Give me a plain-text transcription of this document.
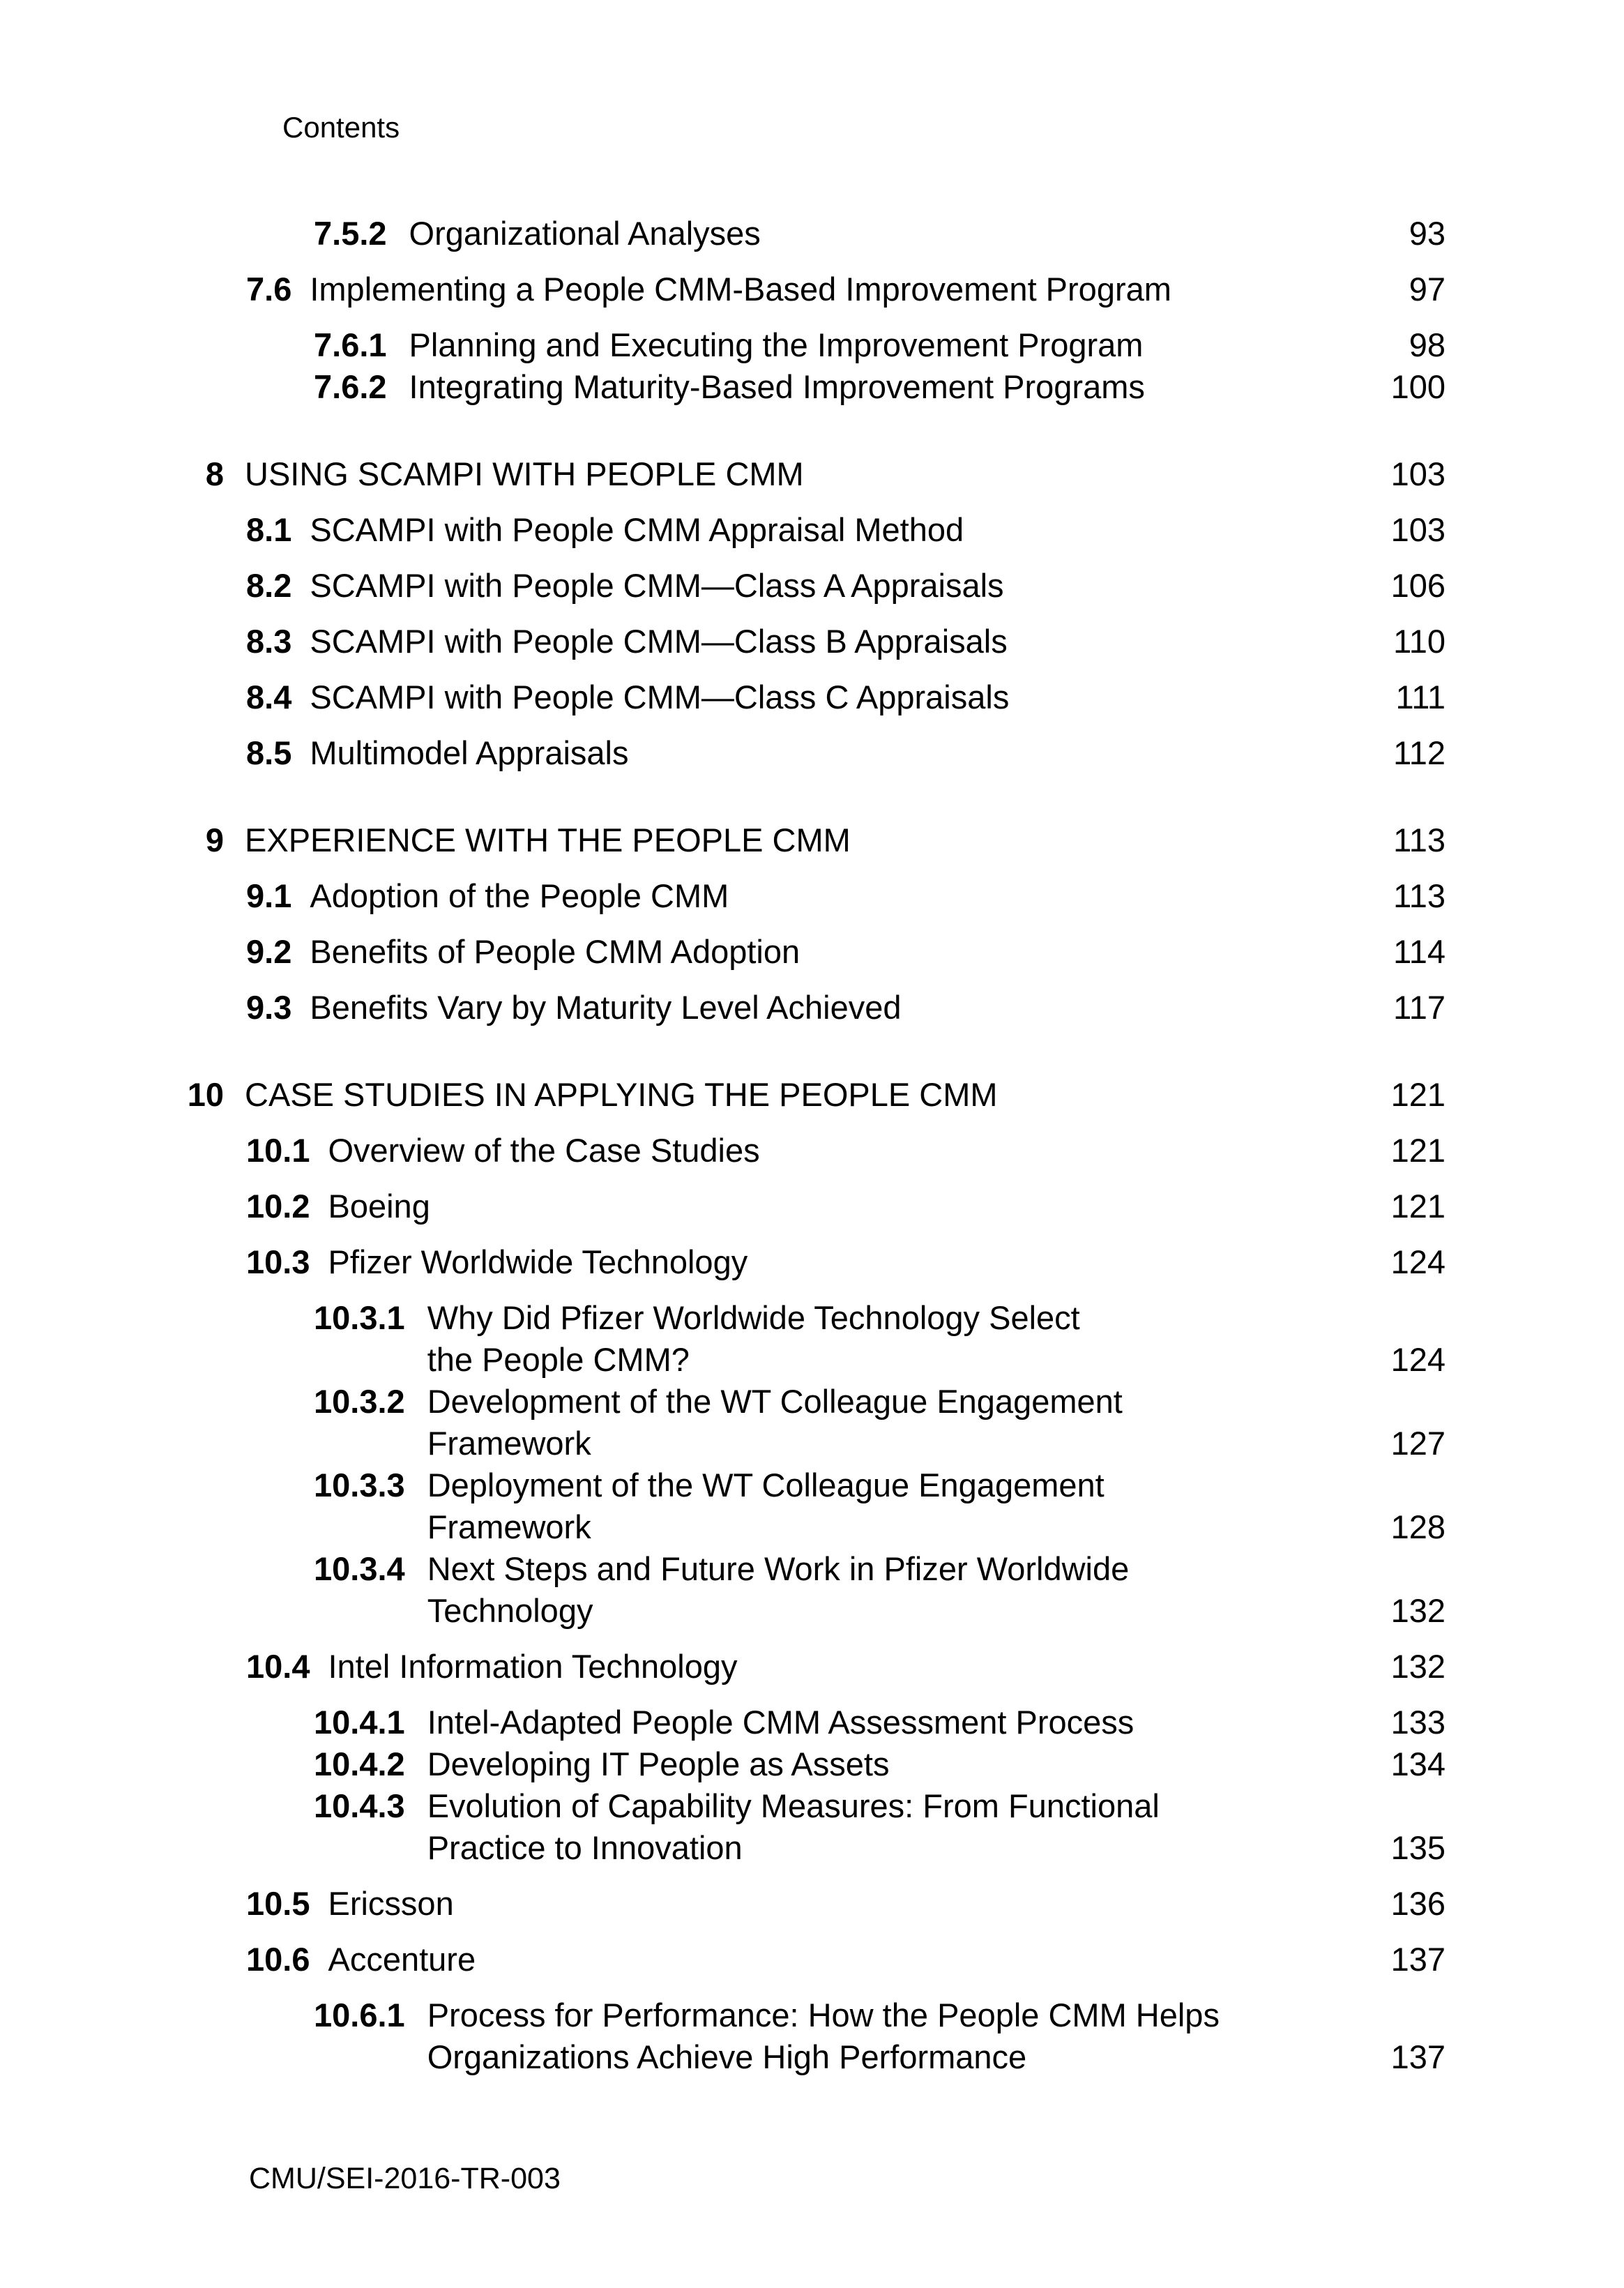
Contents
7.5.2 Organizational Analyses	93
7.6 Implementing a People CMM-Based Improvement Program	97
7.6.1 Planning and Executing the Improvement Program	98
7.6.2 Integrating Maturity-Based Improvement Programs	100
8 USING SCAMPI WITH PEOPLE CMM	103
8.1 SCAMPI with People CMM Appraisal Method	103
8.2 SCAMPI with People CMM—Class A Appraisals	106
8.3 SCAMPI with People CMM—Class B Appraisals	110
8.4 SCAMPI with People CMM—Class C Appraisals	111
8.5 Multimodel Appraisals	112
9 EXPERIENCE WITH THE PEOPLE CMM	113
9.1 Adoption of the People CMM	113
9.2 Benefits of People CMM Adoption	114
9.3 Benefits Vary by Maturity Level Achieved	117
10 CASE STUDIES IN APPLYING THE PEOPLE CMM	121
10.1 Overview of the Case Studies	121
10.2 Boeing	121
10.3 Pfizer Worldwide Technology	124
10.3.1 Why Did Pfizer Worldwide Technology Select
the People CMM?	124
10.3.2 Development of the WT Colleague Engagement
Framework	127
10.3.3 Deployment of the WT Colleague Engagement
Framework	128
10.3.4 Next Steps and Future Work in Pfizer Worldwide
Technology	132
10.4 Intel Information Technology	132
10.4.1 Intel-Adapted People CMM Assessment Process	133
10.4.2 Developing IT People as Assets	134
10.4.3 Evolution of Capability Measures: From Functional
Practice to Innovation	135
10.5 Ericsson	136
10.6 Accenture	137
10.6.1 Process for Performance: How the People CMM Helps
Organizations Achieve High Performance	137
CMU/SEI-2016-TR-003
